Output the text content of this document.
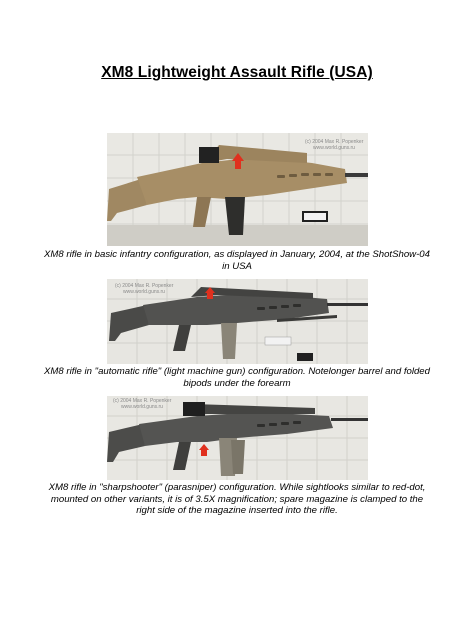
XM8 Lightweight Assault Rifle (USA)
(c) 2004 Max R. Popenker
www.world.guns.ru
XM8 rifle in basic infantry configuration, as displayed in January, 2004, at the ShotShow-04
in USA
(c) 2004 Max R. Popenker
www.world.guns.ru
XM8 rifle in "automatic rifle" (light machine gun) configuration. Notelonger barrel and folded
bipods under the forearm
(c) 2004 Max R. Popenker
www.world.guns.ru
XM8 rifle in "sharpshooter" (parasniper) configuration. While sightlooks similar to red-dot,
mounted on other variants, it is of 3.5X magnification; spare magazine is clamped to the
right side of the magazine inserted into the rifle.
